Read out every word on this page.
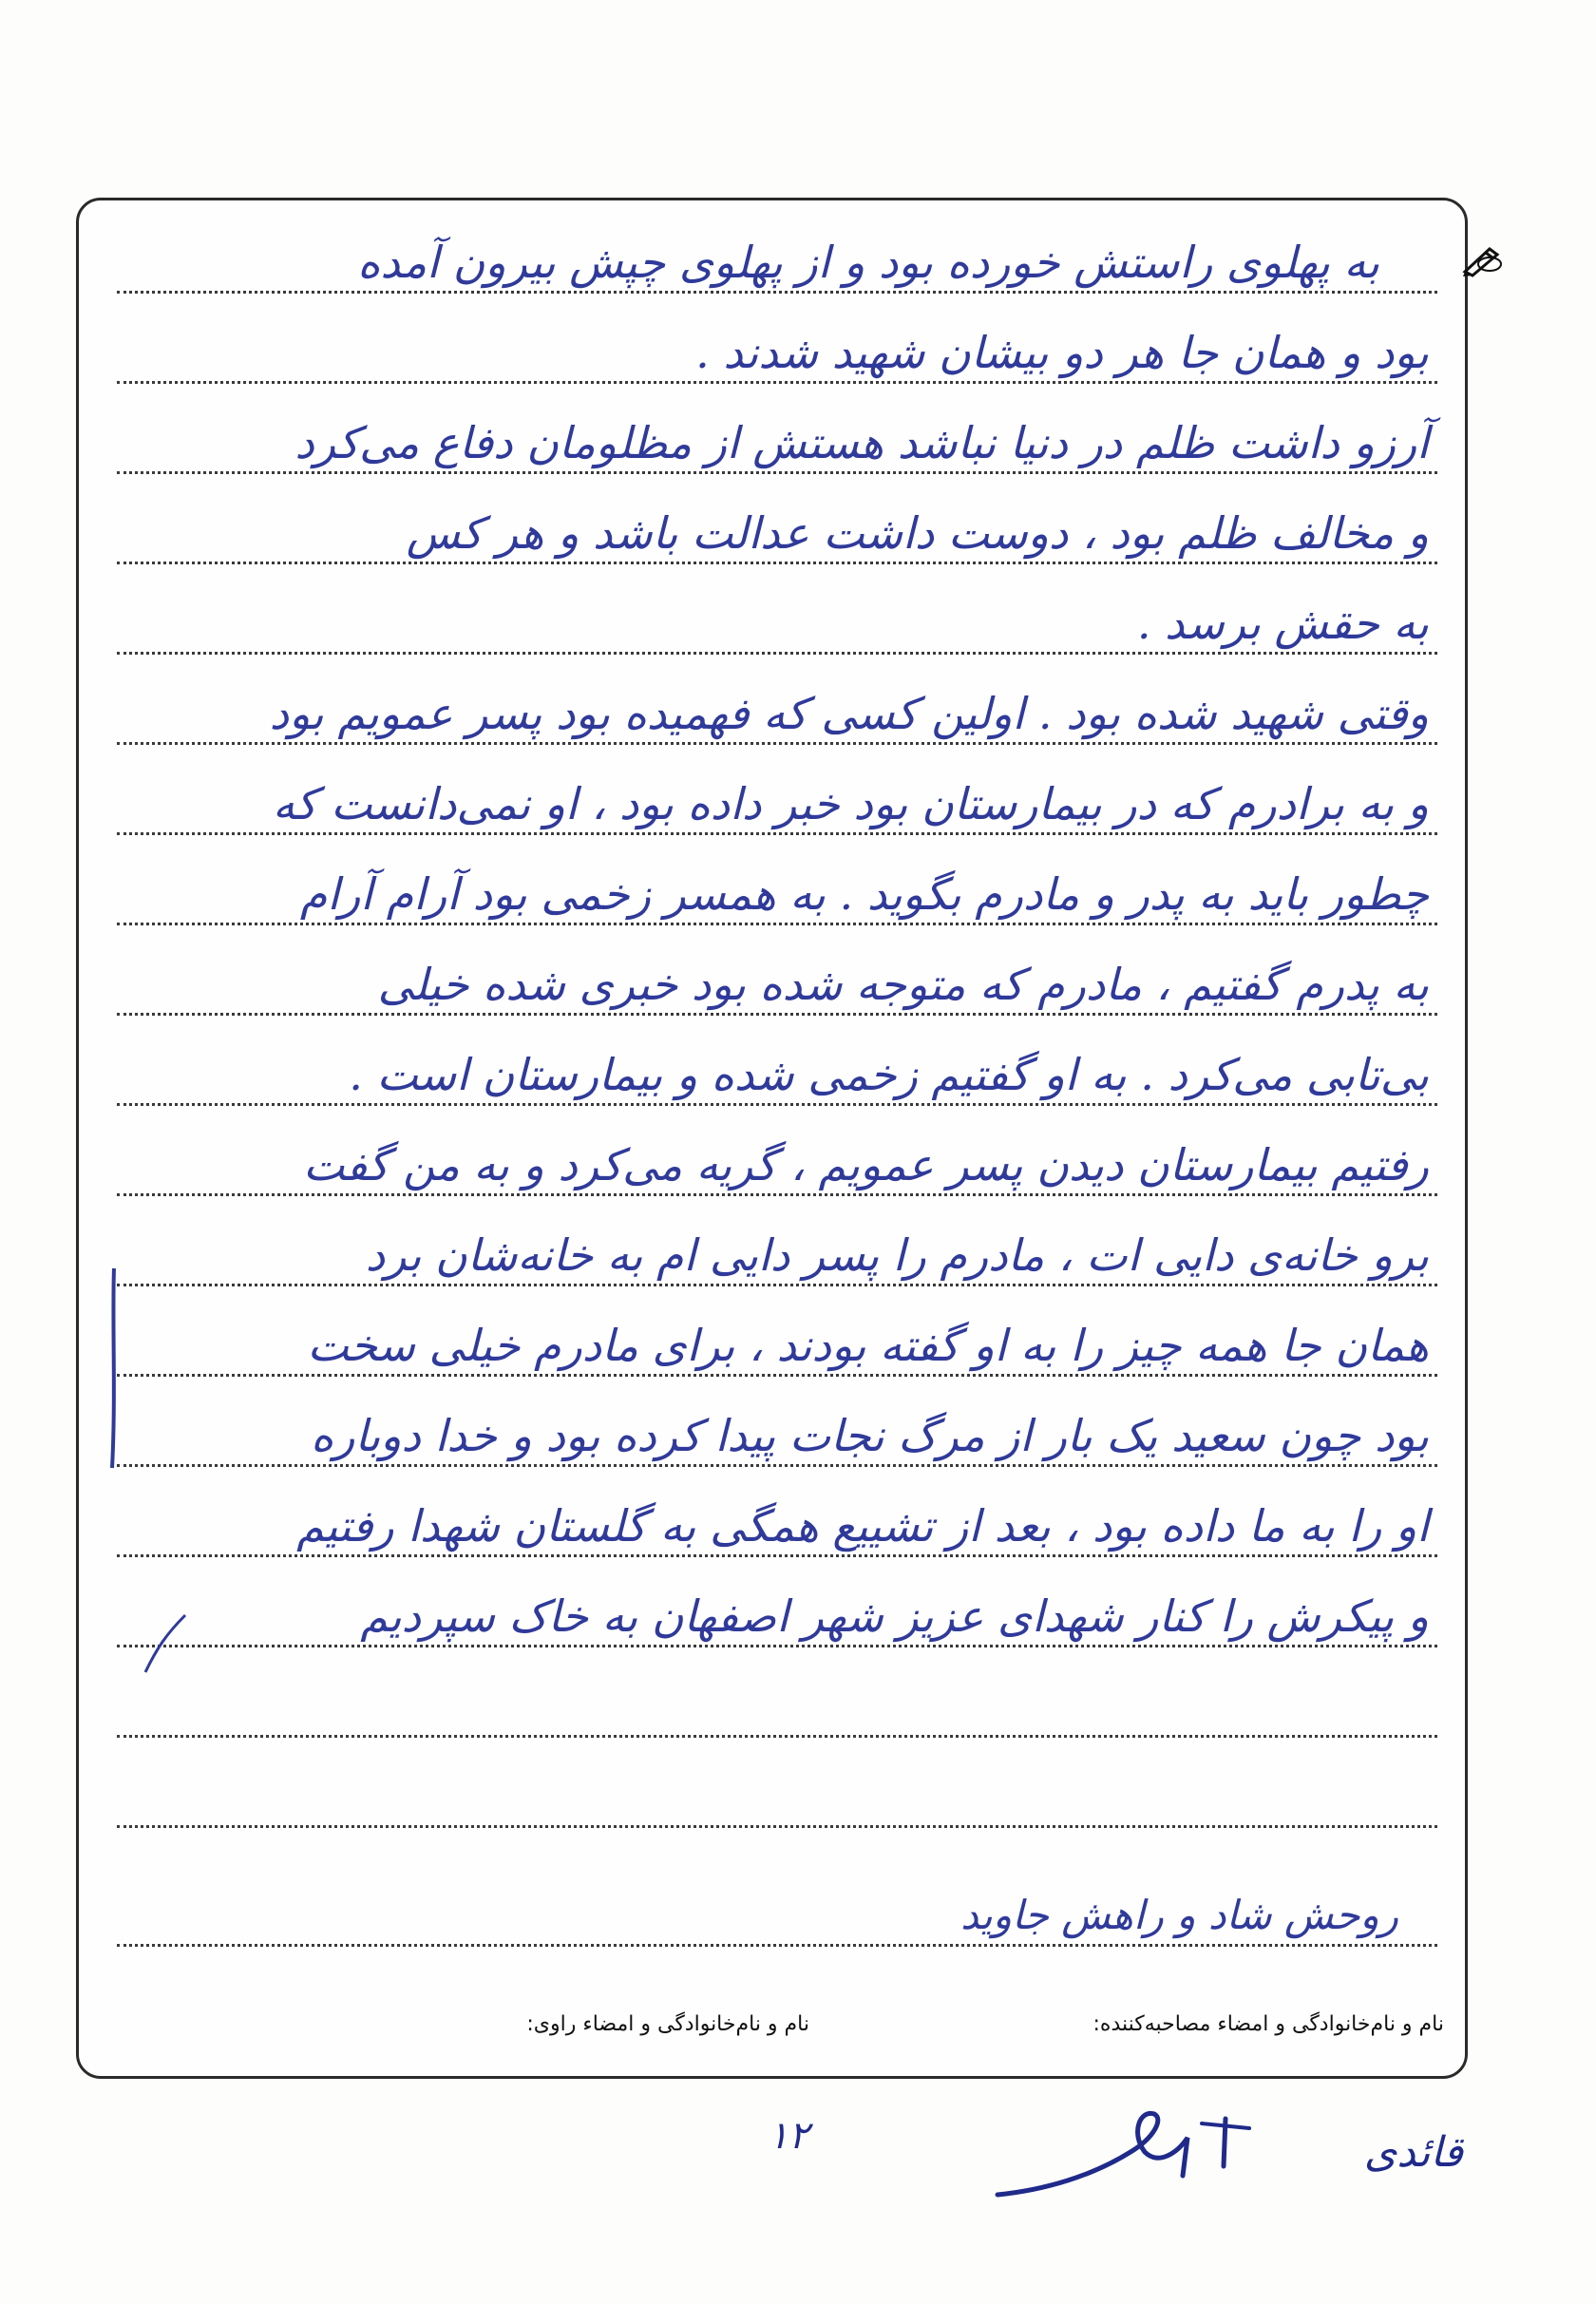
به پهلوی راستش خورده بود و از پهلوی چپش بیرون آمده
بود و همان جا هر دو بیشان شهید شدند .
آرزو داشت ظلم در دنیا نباشد هستش از مظلومان دفاع می‌کرد
و مخالف ظلم بود ، دوست داشت عدالت باشد و هر کس
به حقش برسد .
وقتی شهید شده بود . اولین کسی که فهمیده بود پسر عمویم بود
و به برادرم که در بیمارستان بود خبر داده بود ، او نمی‌دانست که
چطور باید به پدر و مادرم بگوید . به همسر زخمی بود آرام آرام
به پدرم گفتیم ، مادرم که متوجه شده بود خبری شده خیلی
بی‌تابی می‌کرد . به او گفتیم زخمی شده و بیمارستان است .
رفتیم بیمارستان دیدن پسر عمویم ، گریه می‌کرد و به من گفت
برو خانه‌ی دایی ات ، مادرم را پسر دایی ام به خانه‌شان برد
همان جا همه چیز را به او گفته بودند ، برای مادرم خیلی سخت
بود چون سعید یک بار از مرگ نجات پیدا کرده بود و خدا دوباره
او را به ما داده بود ، بعد از تشییع همگی به گلستان شهدا رفتیم
و پیکرش را کنار شهدای عزیز شهر اصفهان به خاک سپردیم
روحش شاد و راهش جاوید
نام و نام‌خانوادگی و امضاء مصاحبه‌کننده:
نام و نام‌خانوادگی و امضاء راوی:
۱۲	قائدی
